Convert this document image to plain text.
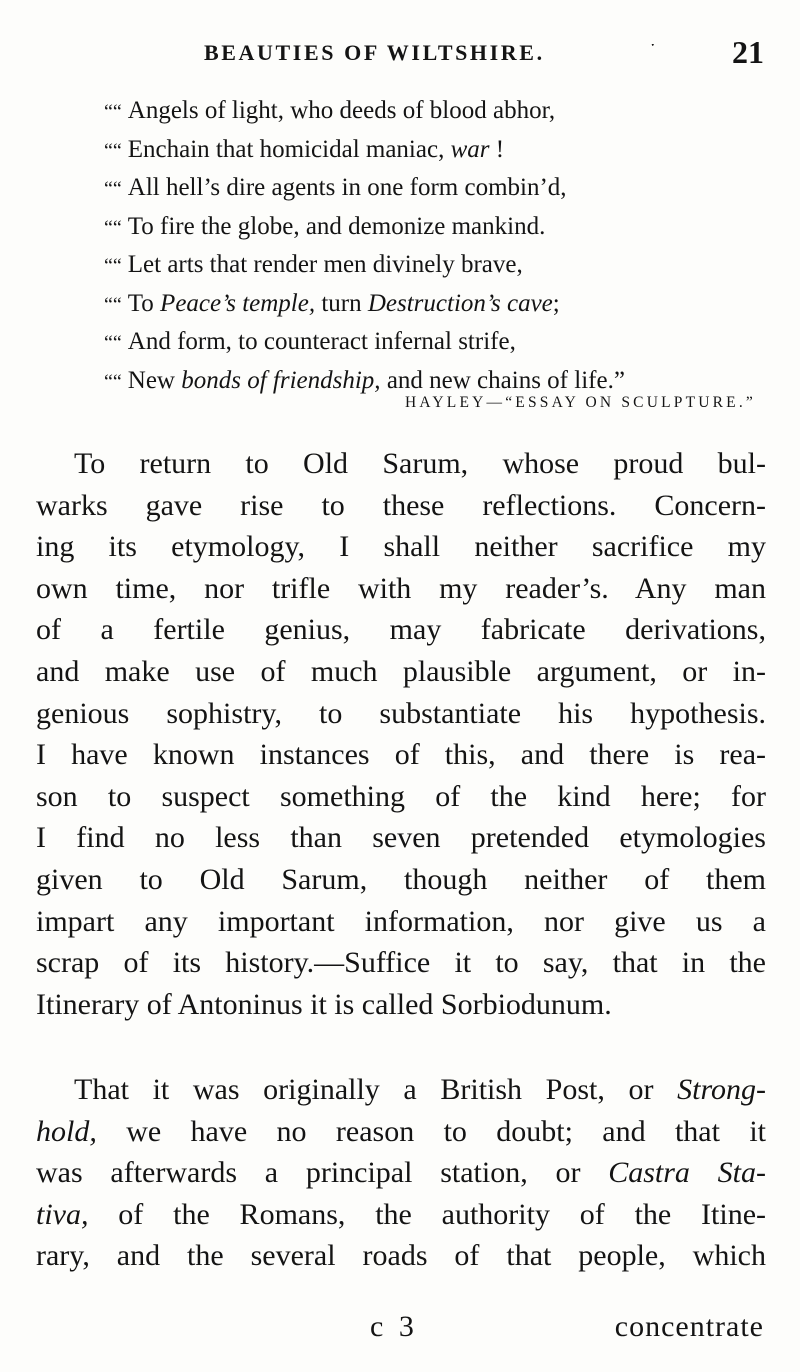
BEAUTIES OF WILTSHIRE.	ˑ 21
““ Angels of light, who deeds of blood abhor,
““ Enchain that homicidal maniac, war !
““ All hell’s dire agents in one form combin’d,
““ To fire the globe, and demonize mankind.
““ Let arts that render men divinely brave,
““ To Peace’s temple, turn Destruction’s cave;
““ And form, to counteract infernal strife,
““ New bonds of friendship, and new chains of life.”
HAYLEY—“ESSAY ON SCULPTURE.”
To return to Old Sarum, whose proud bul-
warks gave rise to these reflections. Concern-
ing its etymology, I shall neither sacrifice my
own time, nor trifle with my reader’s. Any man
of a fertile genius, may fabricate derivations,
and make use of much plausible argument, or in-
genious sophistry, to substantiate his hypothesis.
I have known instances of this, and there is rea-
son to suspect something of the kind here; for
I find no less than seven pretended etymologies
given to Old Sarum, though neither of them
impart any important information, nor give us a
scrap of its history.—Suffice it to say, that in the
Itinerary of Antoninus it is called Sorbiodunum.
That it was originally a British Post, or Strong-
hold, we have no reason to doubt; and that it
was afterwards a principal station, or Castra Sta-
tiva, of the Romans, the authority of the Itine-
rary, and the several roads of that people, which
c 3	concentrate
